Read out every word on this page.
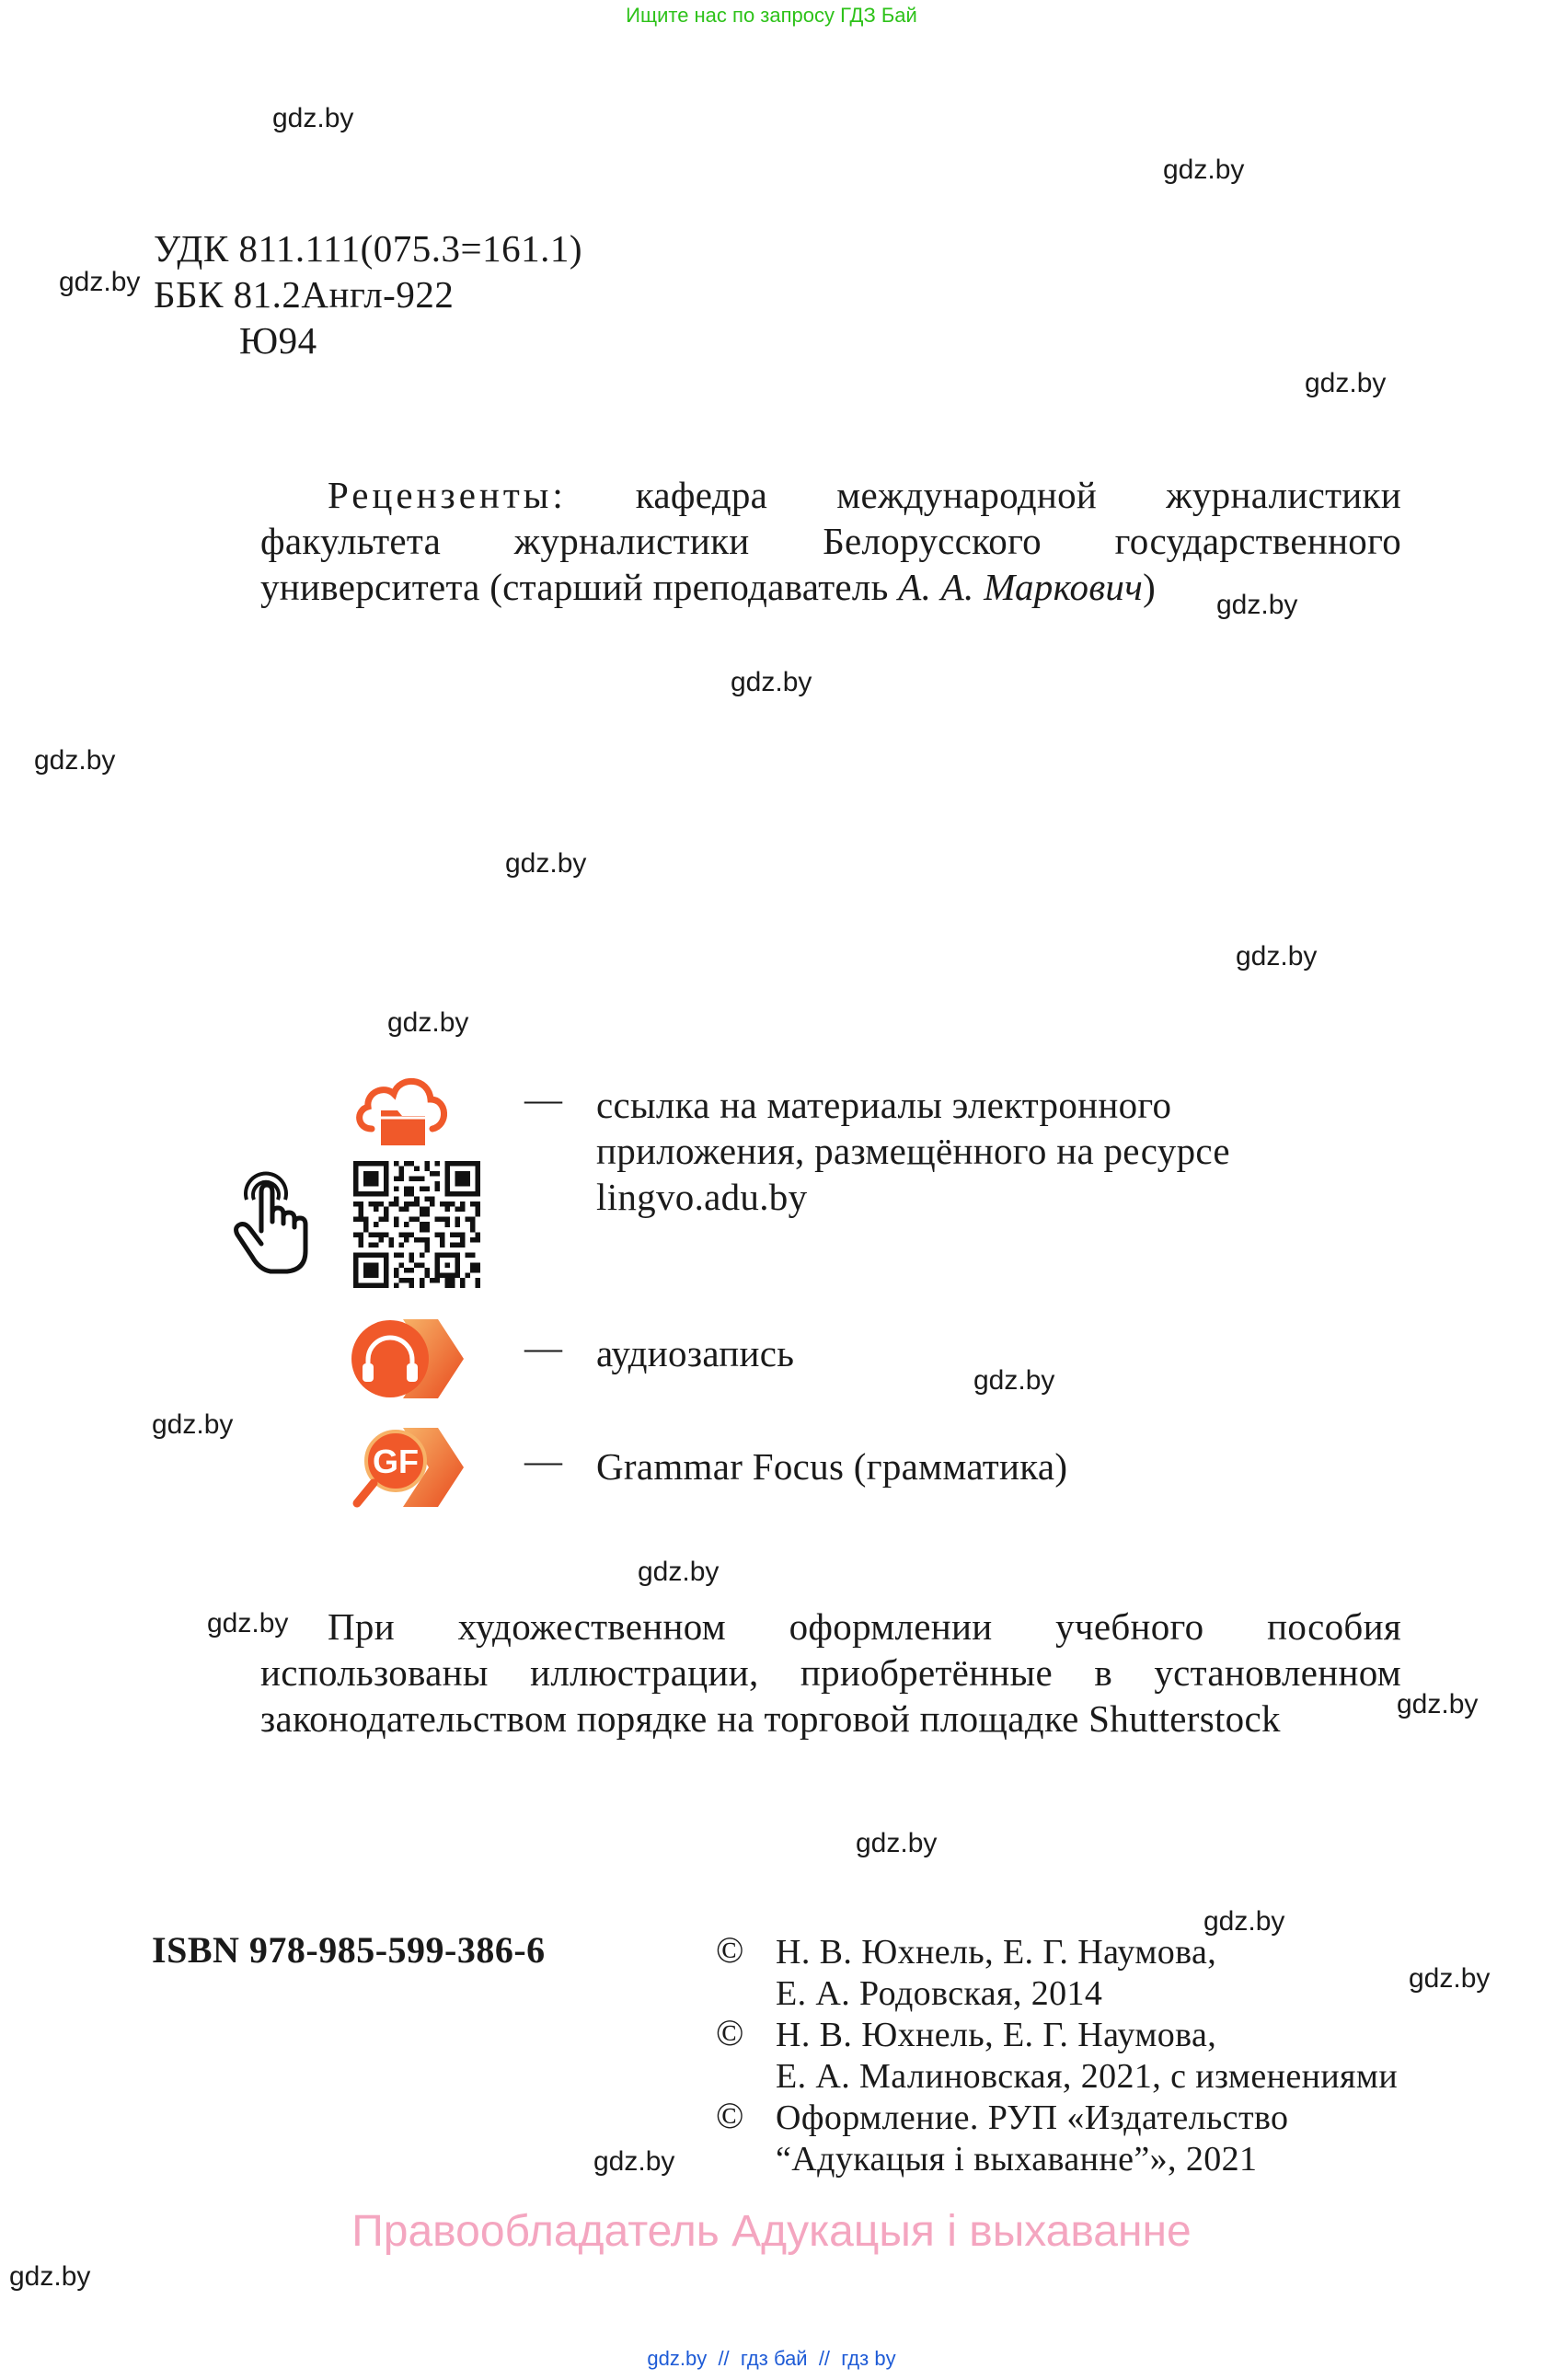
Ищите нас по запросу ГДЗ Бай
gdz.by
gdz.by
gdz.by
gdz.by
gdz.by
gdz.by
gdz.by
gdz.by
gdz.by
gdz.by
gdz.by
gdz.by
gdz.by
gdz.by
gdz.by
gdz.by
gdz.by
gdz.by
gdz.by
gdz.by
УДК 811.111(075.3=161.1)
ББК 81.2Англ-922
Ю94
Рецензенты: кафедра международной журналистики факультета журналистики Белорусского государственного университета (старший преподаватель А. А. Маркович)
GF
— ссылка на материалы электронного приложения, размещённого на ресурсе lingvo.adu.by
— аудиозапись
— Grammar Focus (грамматика)
При художественном оформлении учебного пособия использованы иллюстрации, приобретённые в установленном законодательством порядке на торговой площадке Shutterstock
ISBN 978-985-599-386-6	© Н. В. Юхнель, Е. Г. Наумова,
Е. А. Родовская, 2014
© Н. В. Юхнель, Е. Г. Наумова,
Е. А. Малиновская, 2021, с изменениями
© Оформление. РУП «Издательство
“Адукацыя і выхаванне”», 2021
Правообладатель Адукацыя і выхаванне
gdz.by  //  гдз бай  //  гдз by
